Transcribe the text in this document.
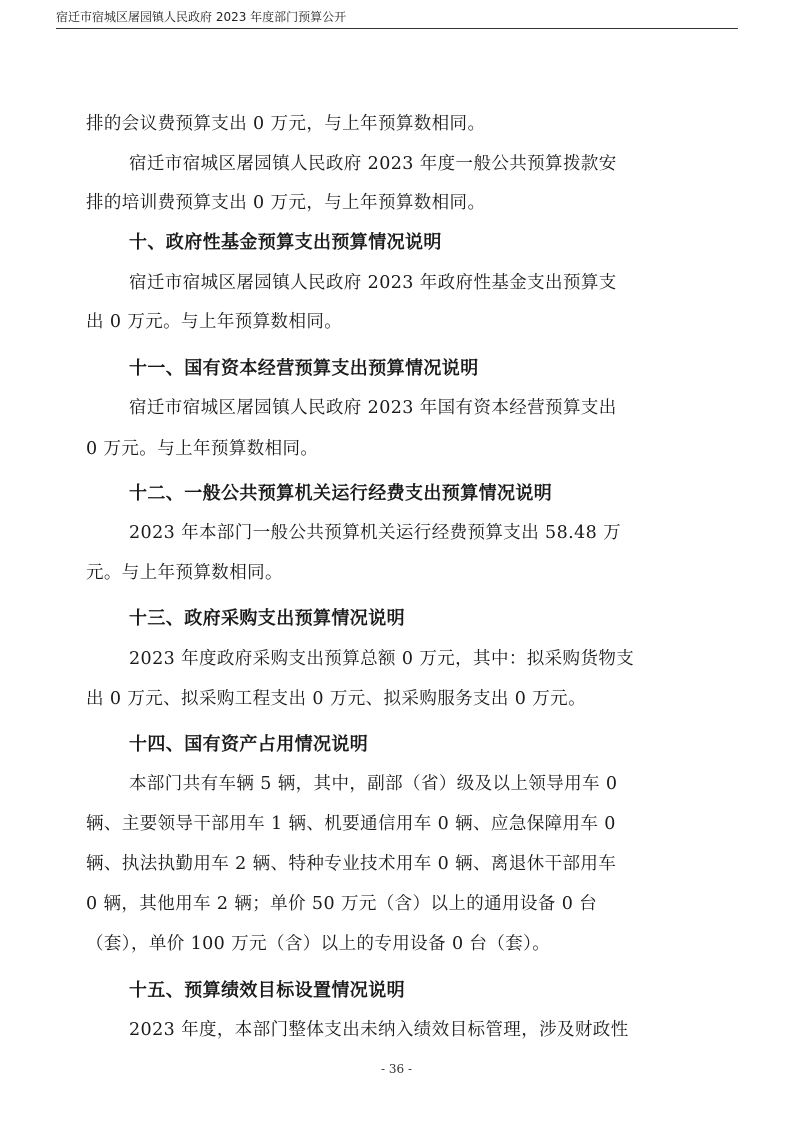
宿迁市宿城区屠园镇人民政府 2023 年度部门预算公开
排的会议费预算支出 0 万元，与上年预算数相同。
宿迁市宿城区屠园镇人民政府 2023 年度一般公共预算拨款安
排的培训费预算支出 0 万元，与上年预算数相同。
十、政府性基金预算支出预算情况说明
宿迁市宿城区屠园镇人民政府 2023 年政府性基金支出预算支
出 0 万元。与上年预算数相同。
十一、国有资本经营预算支出预算情况说明
宿迁市宿城区屠园镇人民政府 2023 年国有资本经营预算支出
0 万元。与上年预算数相同。
十二、一般公共预算机关运行经费支出预算情况说明
2023 年本部门一般公共预算机关运行经费预算支出 58.48 万
元。与上年预算数相同。
十三、政府采购支出预算情况说明
2023 年度政府采购支出预算总额 0 万元，其中：拟采购货物支
出 0 万元、拟采购工程支出 0 万元、拟采购服务支出 0 万元。
十四、国有资产占用情况说明
本部门共有车辆 5 辆，其中，副部（省）级及以上领导用车 0
辆、主要领导干部用车 1 辆、机要通信用车 0 辆、应急保障用车 0
辆、执法执勤用车 2 辆、特种专业技术用车 0 辆、离退休干部用车
0 辆，其他用车 2 辆；单价 50 万元（含）以上的通用设备 0 台
（套），单价 100 万元（含）以上的专用设备 0 台（套）。
十五、预算绩效目标设置情况说明
2023 年度，本部门整体支出未纳入绩效目标管理，涉及财政性
- 36 -
